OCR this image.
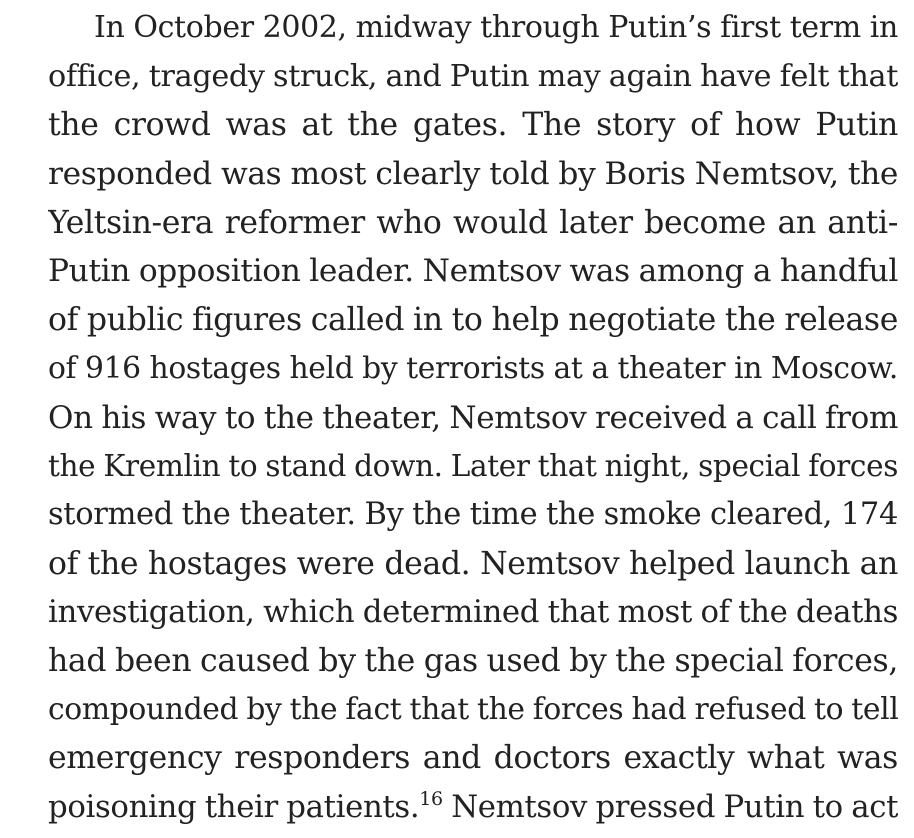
In October 2002, midway through Putin’s first term in
office, tragedy struck, and Putin may again have felt that
the crowd was at the gates. The story of how Putin
responded was most clearly told by Boris Nemtsov, the
Yeltsin-era reformer who would later become an anti-
Putin opposition leader. Nemtsov was among a handful
of public figures called in to help negotiate the release
of 916 hostages held by terrorists at a theater in Moscow.
On his way to the theater, Nemtsov received a call from
the Kremlin to stand down. Later that night, special forces
stormed the theater. By the time the smoke cleared, 174
of the hostages were dead. Nemtsov helped launch an
investigation, which determined that most of the deaths
had been caused by the gas used by the special forces,
compounded by the fact that the forces had refused to tell
emergency responders and doctors exactly what was
poisoning their patients.$^{16}$ Nemtsov pressed Putin to act
